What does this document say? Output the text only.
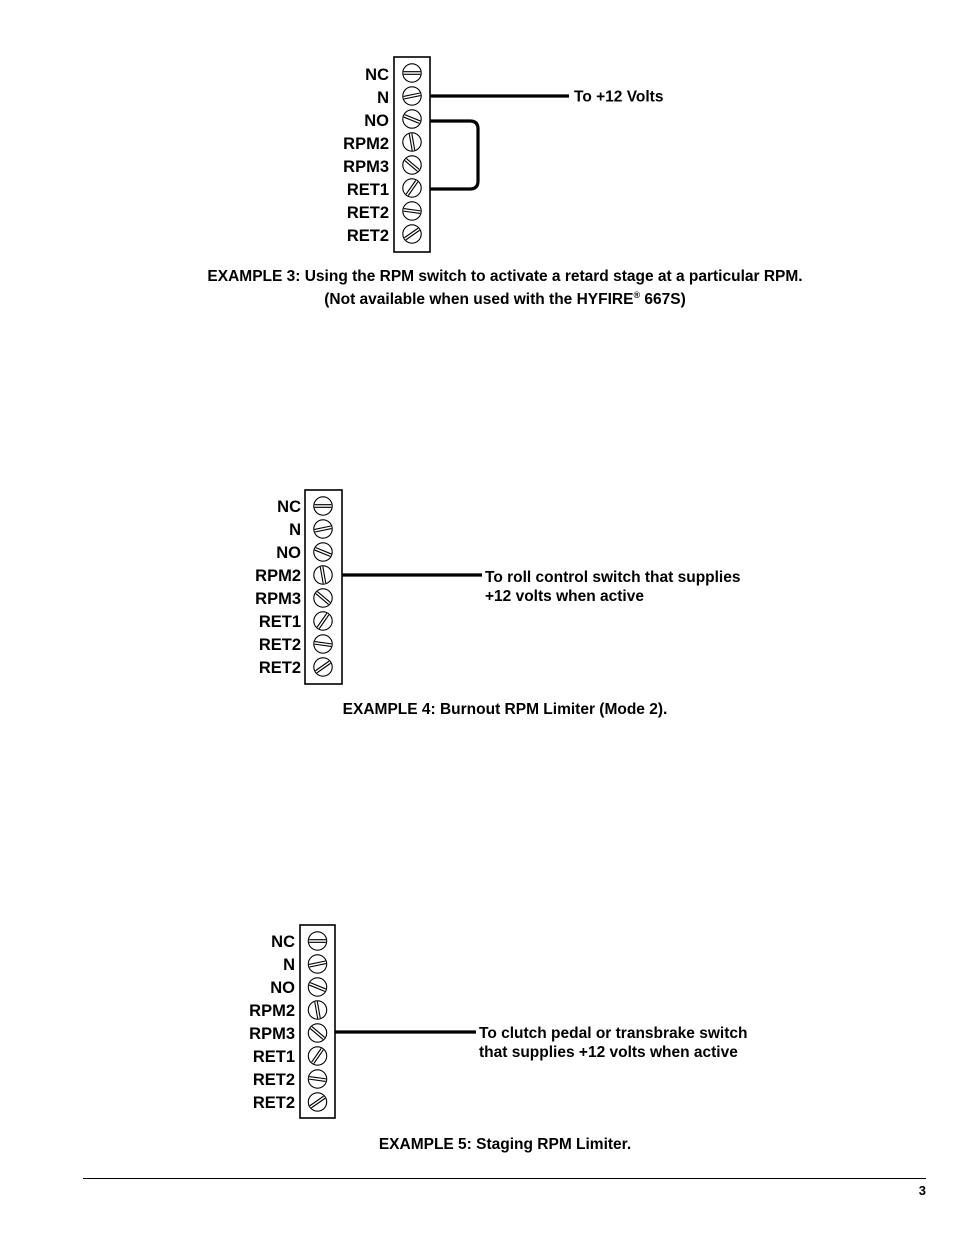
NC
N
NO
RPM2
RPM3
RET1
RET2
RET2
To +12 Volts
NC
N
NO
RPM2
RPM3
RET1
RET2
RET2
To roll control switch that supplies
+12 volts when active
NC
N
NO
RPM2
RPM3
RET1
RET2
RET2
To clutch pedal or transbrake switch
that supplies +12 volts when active
EXAMPLE 3: Using the RPM switch to activate a retard stage at a particular RPM.
(Not available when used with the HYFIRE® 667S)
EXAMPLE 4: Burnout RPM Limiter (Mode 2).
EXAMPLE 5: Staging RPM Limiter.
3
